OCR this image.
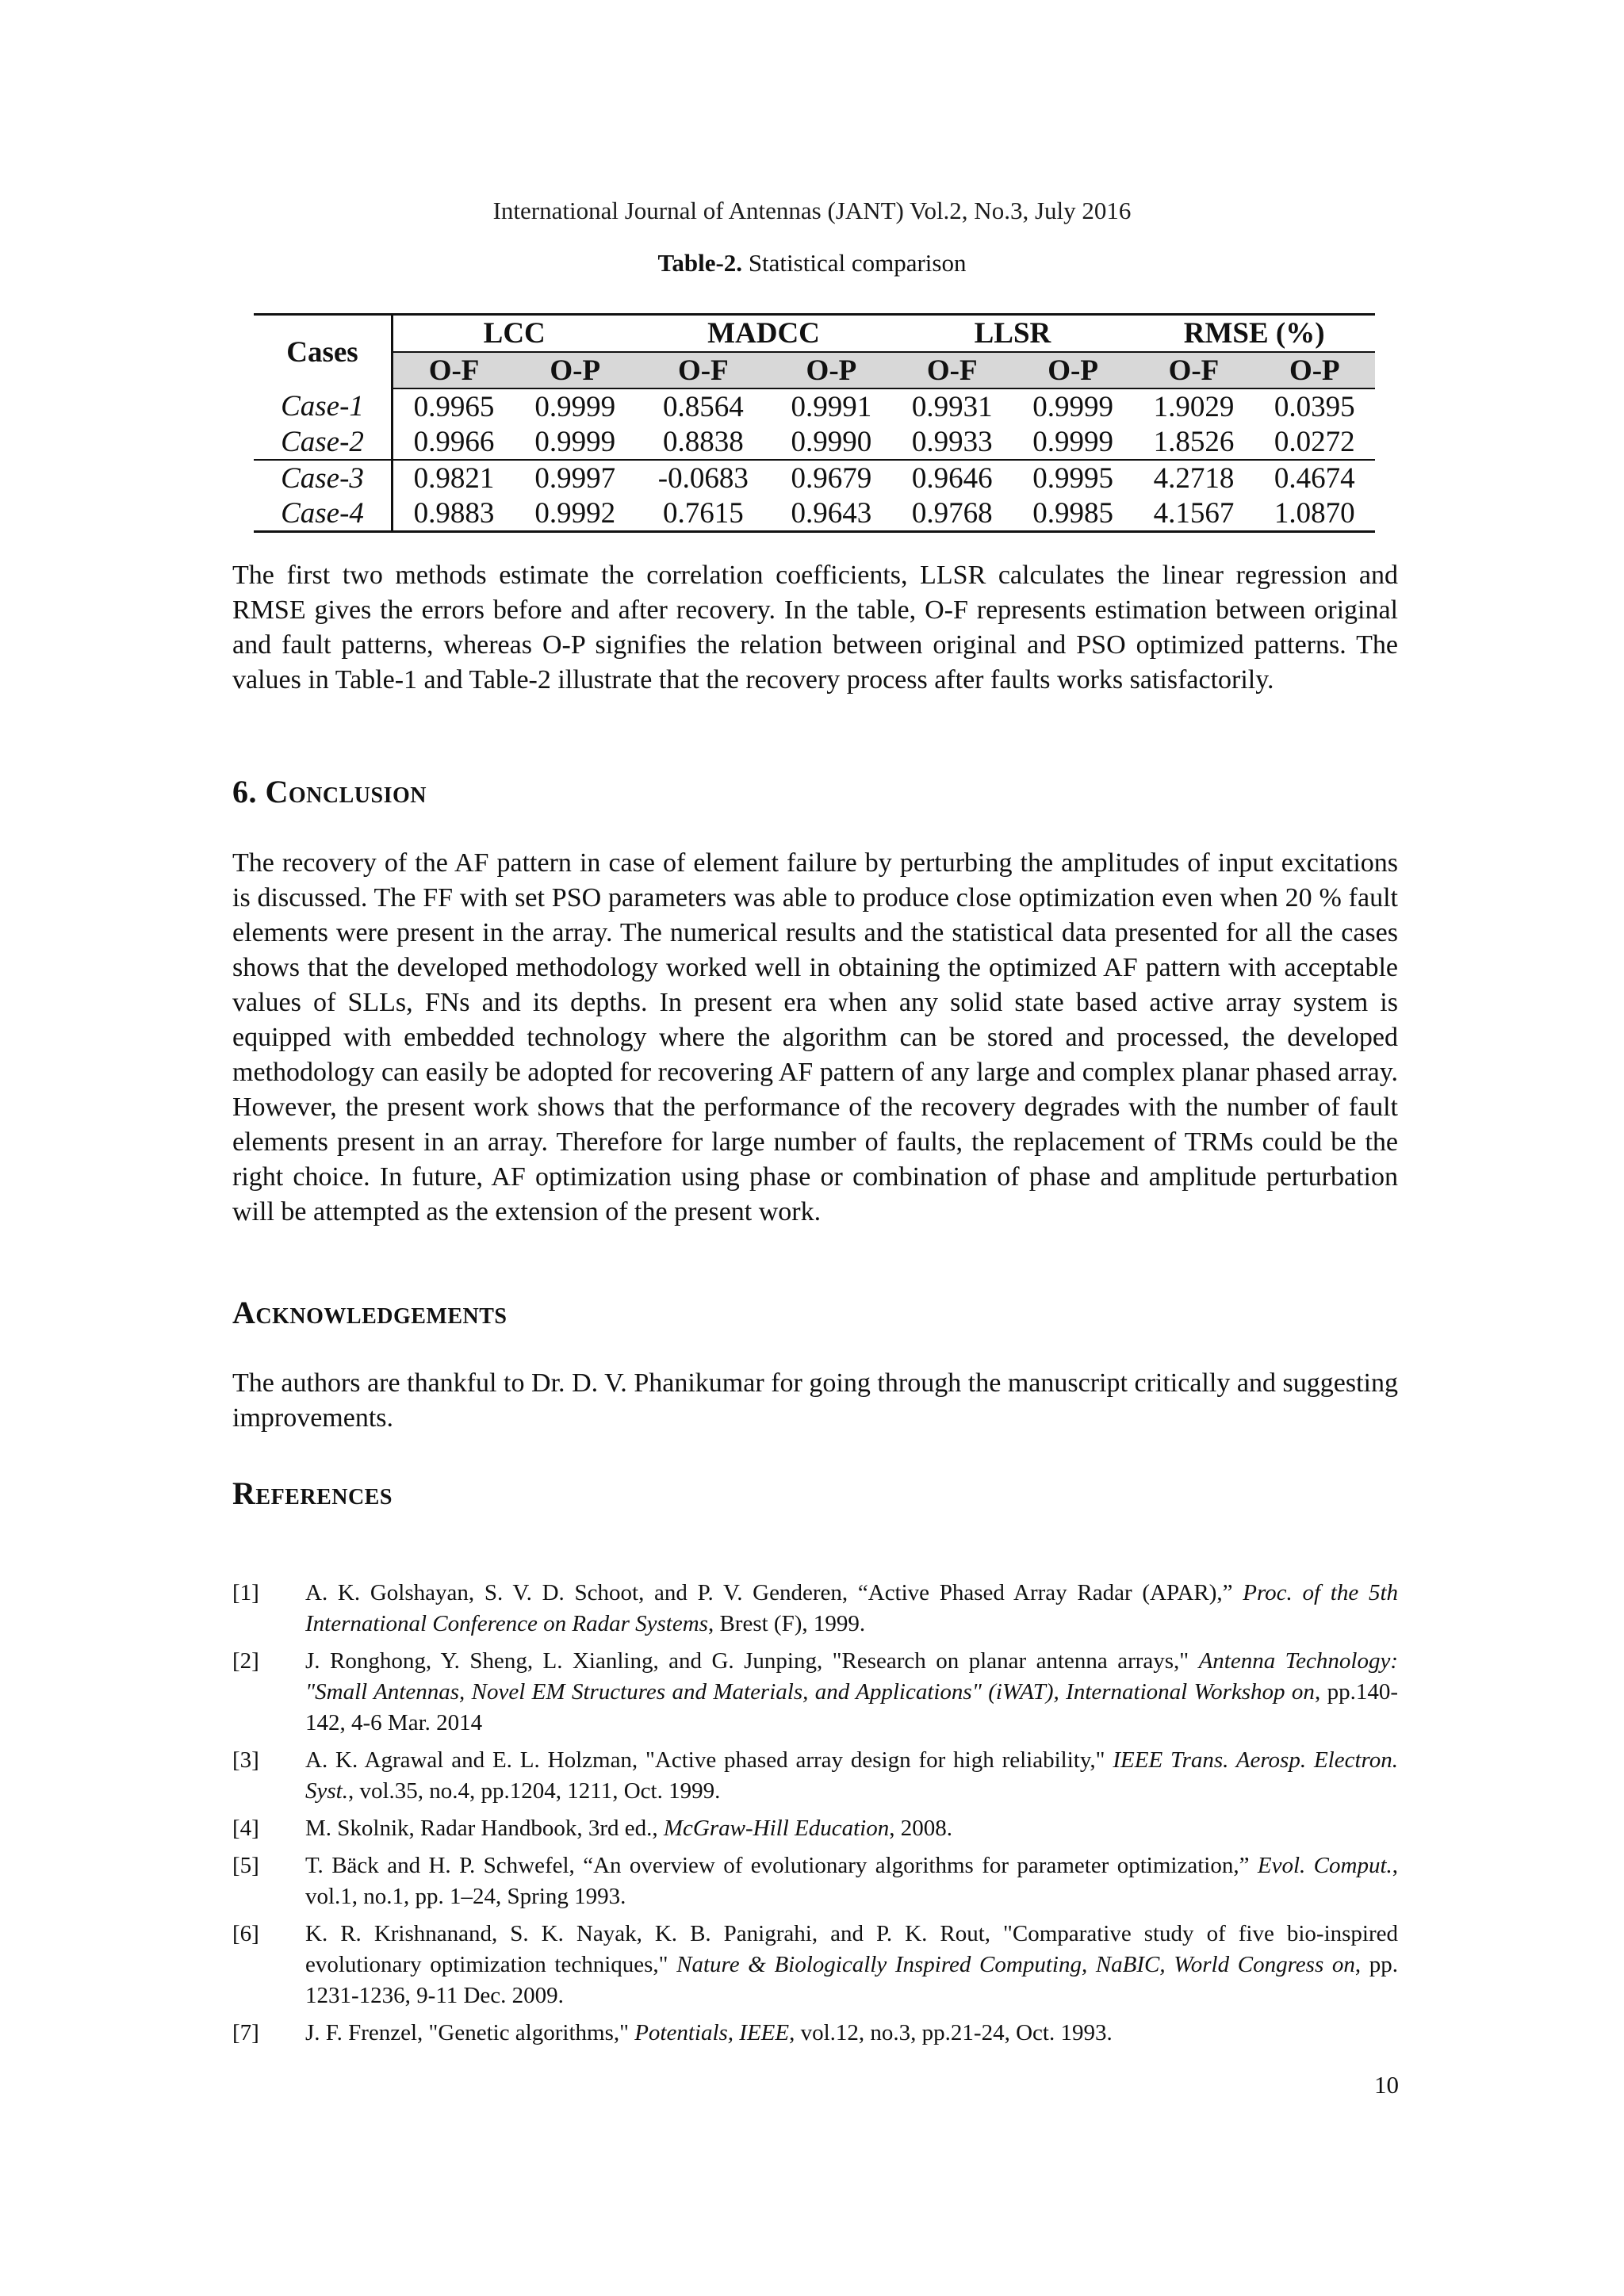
International Journal of Antennas (JANT) Vol.2, No.3, July 2016
Table-2. Statistical comparison
Cases	LCC		MADCC		LLSR		RMSE (%)	
	O-F	O-P	O-F	O-P	O-F	O-P	O-F	O-P
Case-1	0.9965	0.9999	0.8564	0.9991	0.9931	0.9999	1.9029	0.0395
Case-2	0.9966	0.9999	0.8838	0.9990	0.9933	0.9999	1.8526	0.0272
Case-3	0.9821	0.9997	-0.0683	0.9679	0.9646	0.9995	4.2718	0.4674
Case-4	0.9883	0.9992	0.7615	0.9643	0.9768	0.9985	4.1567	1.0870

The first two methods estimate the correlation coefficients, LLSR calculates the linear regression and RMSE gives the errors before and after recovery. In the table, O-F represents estimation between original and fault patterns, whereas O-P signifies the relation between original and PSO optimized patterns. The values in Table-1 and Table-2 illustrate that the recovery process after faults works satisfactorily.

6. Conclusion

The recovery of the AF pattern in case of element failure by perturbing the amplitudes of input excitations is discussed. The FF with set PSO parameters was able to produce close optimization even when 20 % fault elements were present in the array. The numerical results and the statistical data presented for all the cases shows that the developed methodology worked well in obtaining the optimized AF pattern with acceptable values of SLLs, FNs and its depths. In present era when any solid state based active array system is equipped with embedded technology where the algorithm can be stored and processed, the developed methodology can easily be adopted for recovering AF pattern of any large and complex planar phased array. However, the present work shows that the performance of the recovery degrades with the number of fault elements present in an array. Therefore for large number of faults, the replacement of TRMs could be the right choice. In future, AF optimization using phase or combination of phase and amplitude perturbation will be attempted as the extension of the present work.

Acknowledgements

The authors are thankful to Dr. D. V. Phanikumar for going through the manuscript critically and suggesting improvements.

References
[1] A. K. Golshayan, S. V. D. Schoot, and P. V. Genderen, “Active Phased Array Radar (APAR),” Proc. of the 5th International Conference on Radar Systems, Brest (F), 1999.
[2] J. Ronghong, Y. Sheng, L. Xianling, and G. Junping, "Research on planar antenna arrays," Antenna Technology: "Small Antennas, Novel EM Structures and Materials, and Applications" (iWAT), International Workshop on, pp.140-142, 4-6 Mar. 2014
[3] A. K. Agrawal and E. L. Holzman, "Active phased array design for high reliability," IEEE Trans. Aerosp. Electron. Syst., vol.35, no.4, pp.1204, 1211, Oct. 1999.
[4] M. Skolnik, Radar Handbook, 3rd ed., McGraw-Hill Education, 2008.
[5] T. Bäck and H. P. Schwefel, “An overview of evolutionary algorithms for parameter optimization,” Evol. Comput., vol.1, no.1, pp. 1–24, Spring 1993.
[6] K. R. Krishnanand, S. K. Nayak, K. B. Panigrahi, and P. K. Rout, "Comparative study of five bio-inspired evolutionary optimization techniques," Nature & Biologically Inspired Computing, NaBIC, World Congress on, pp. 1231-1236, 9-11 Dec. 2009.
[7] J. F. Frenzel, "Genetic algorithms," Potentials, IEEE, vol.12, no.3, pp.21-24, Oct. 1993.
10
